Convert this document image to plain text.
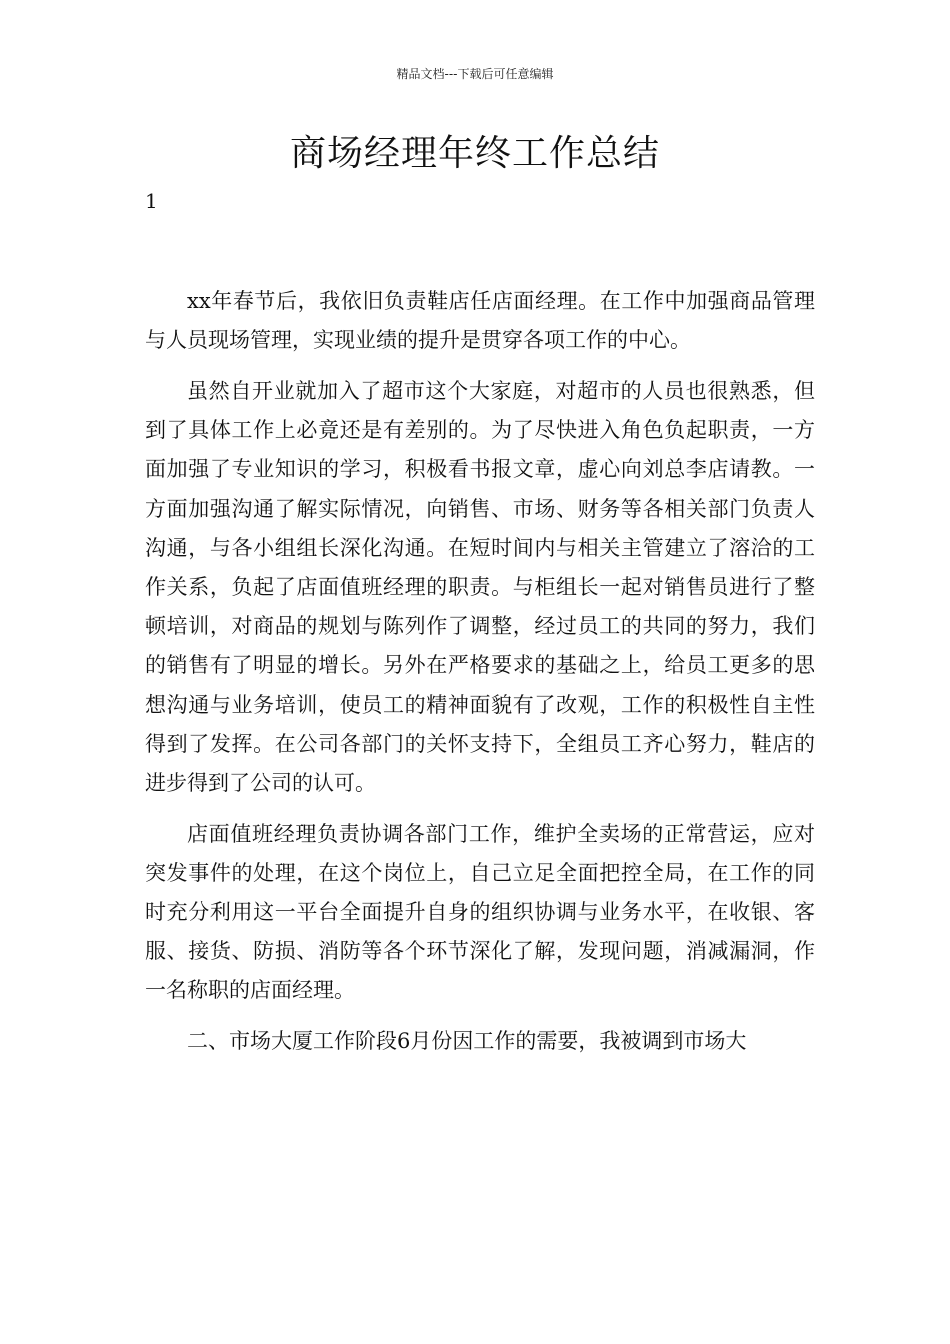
精品文档---下载后可任意编辑
商场经理年终工作总结
1

xx年春节后，我依旧负责鞋店任店面经理。在工作中加强商品管理与人员现场管理，实现业绩的提升是贯穿各项工作的中心。

虽然自开业就加入了超市这个大家庭，对超市的人员也很熟悉，但到了具体工作上必竟还是有差别的。为了尽快进入角色负起职责，一方面加强了专业知识的学习，积极看书报文章，虚心向刘总李店请教。一方面加强沟通了解实际情况，向销售、市场、财务等各相关部门负责人沟通，与各小组组长深化沟通。在短时间内与相关主管建立了溶洽的工作关系，负起了店面值班经理的职责。与柜组长一起对销售员进行了整顿培训，对商品的规划与陈列作了调整，经过员工的共同的努力，我们的销售有了明显的增长。另外在严格要求的基础之上，给员工更多的思想沟通与业务培训，使员工的精神面貌有了改观，工作的积极性自主性得到了发挥。在公司各部门的关怀支持下，全组员工齐心努力，鞋店的进步得到了公司的认可。

店面值班经理负责协调各部门工作，维护全卖场的正常营运，应对突发事件的处理，在这个岗位上，自己立足全面把控全局，在工作的同时充分利用这一平台全面提升自身的组织协调与业务水平，在收银、客服、接货、防损、消防等各个环节深化了解，发现问题，消减漏洞，作一名称职的店面经理。

二、市场大厦工作阶段6月份因工作的需要，我被调到市场大
